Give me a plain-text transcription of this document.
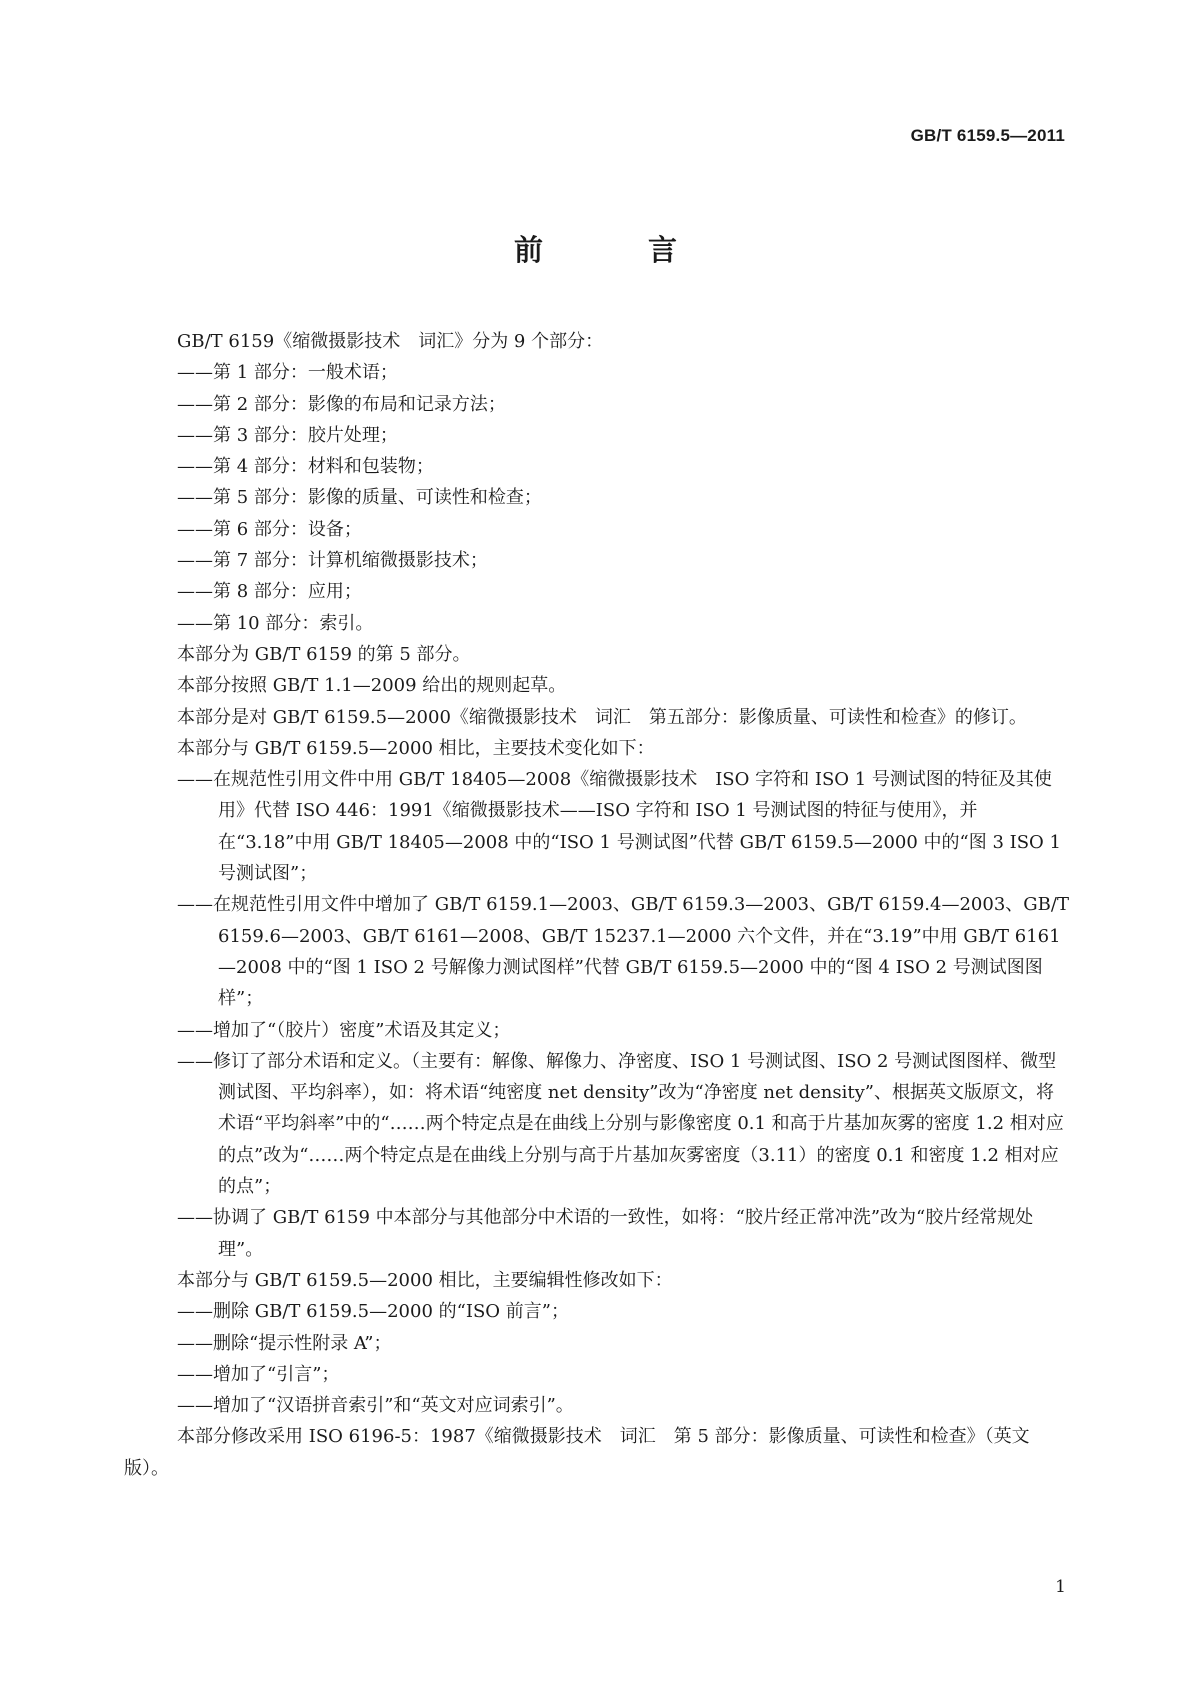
GB/T 6159.5—2011
前　言

GB/T 6159《缩微摄影技术　词汇》分为 9 个部分：

——第 1 部分：一般术语；

——第 2 部分：影像的布局和记录方法；

——第 3 部分：胶片处理；

——第 4 部分：材料和包装物；

——第 5 部分：影像的质量、可读性和检查；

——第 6 部分：设备；

——第 7 部分：计算机缩微摄影技术；

——第 8 部分：应用；

——第 10 部分：索引。

本部分为 GB/T 6159 的第 5 部分。

本部分按照 GB/T 1.1—2009 给出的规则起草。

本部分是对 GB/T 6159.5—2000《缩微摄影技术　词汇　第五部分：影像质量、可读性和检查》的修订。

本部分与 GB/T 6159.5—2000 相比，主要技术变化如下：

——在规范性引用文件中用 GB/T 18405—2008《缩微摄影技术　ISO 字符和 ISO 1 号测试图的特征及其使用》代替 ISO 446：1991《缩微摄影技术——ISO 字符和 ISO 1 号测试图的特征与使用》，并在“3.18”中用 GB/T 18405—2008 中的“ISO 1 号测试图”代替 GB/T 6159.5—2000 中的“图 3 ISO 1 号测试图”；

——在规范性引用文件中增加了 GB/T 6159.1—2003、GB/T 6159.3—2003、GB/T 6159.4—2003、GB/T 6159.6—2003、GB/T 6161—2008、GB/T 15237.1—2000 六个文件，并在“3.19”中用 GB/T 6161—2008 中的“图 1 ISO 2 号解像力测试图样”代替 GB/T 6159.5—2000 中的“图 4 ISO 2 号测试图图样”；

——增加了“（胶片）密度”术语及其定义；

——修订了部分术语和定义。（主要有：解像、解像力、净密度、ISO 1 号测试图、ISO 2 号测试图图样、微型测试图、平均斜率），如：将术语“纯密度 net density”改为“净密度 net density”、根据英文版原文，将术语“平均斜率”中的“……两个特定点是在曲线上分别与影像密度 0.1 和高于片基加灰雾的密度 1.2 相对应的点”改为“……两个特定点是在曲线上分别与高于片基加灰雾密度（3.11）的密度 0.1 和密度 1.2 相对应的点”；

——协调了 GB/T 6159 中本部分与其他部分中术语的一致性，如将：“胶片经正常冲洗”改为“胶片经常规处理”。

本部分与 GB/T 6159.5—2000 相比，主要编辑性修改如下：

——删除 GB/T 6159.5—2000 的“ISO 前言”；

——删除“提示性附录 A”；

——增加了“引言”；

——增加了“汉语拼音索引”和“英文对应词索引”。

本部分修改采用 ISO 6196-5：1987《缩微摄影技术　词汇　第 5 部分：影像质量、可读性和检查》（英文版）。

1
